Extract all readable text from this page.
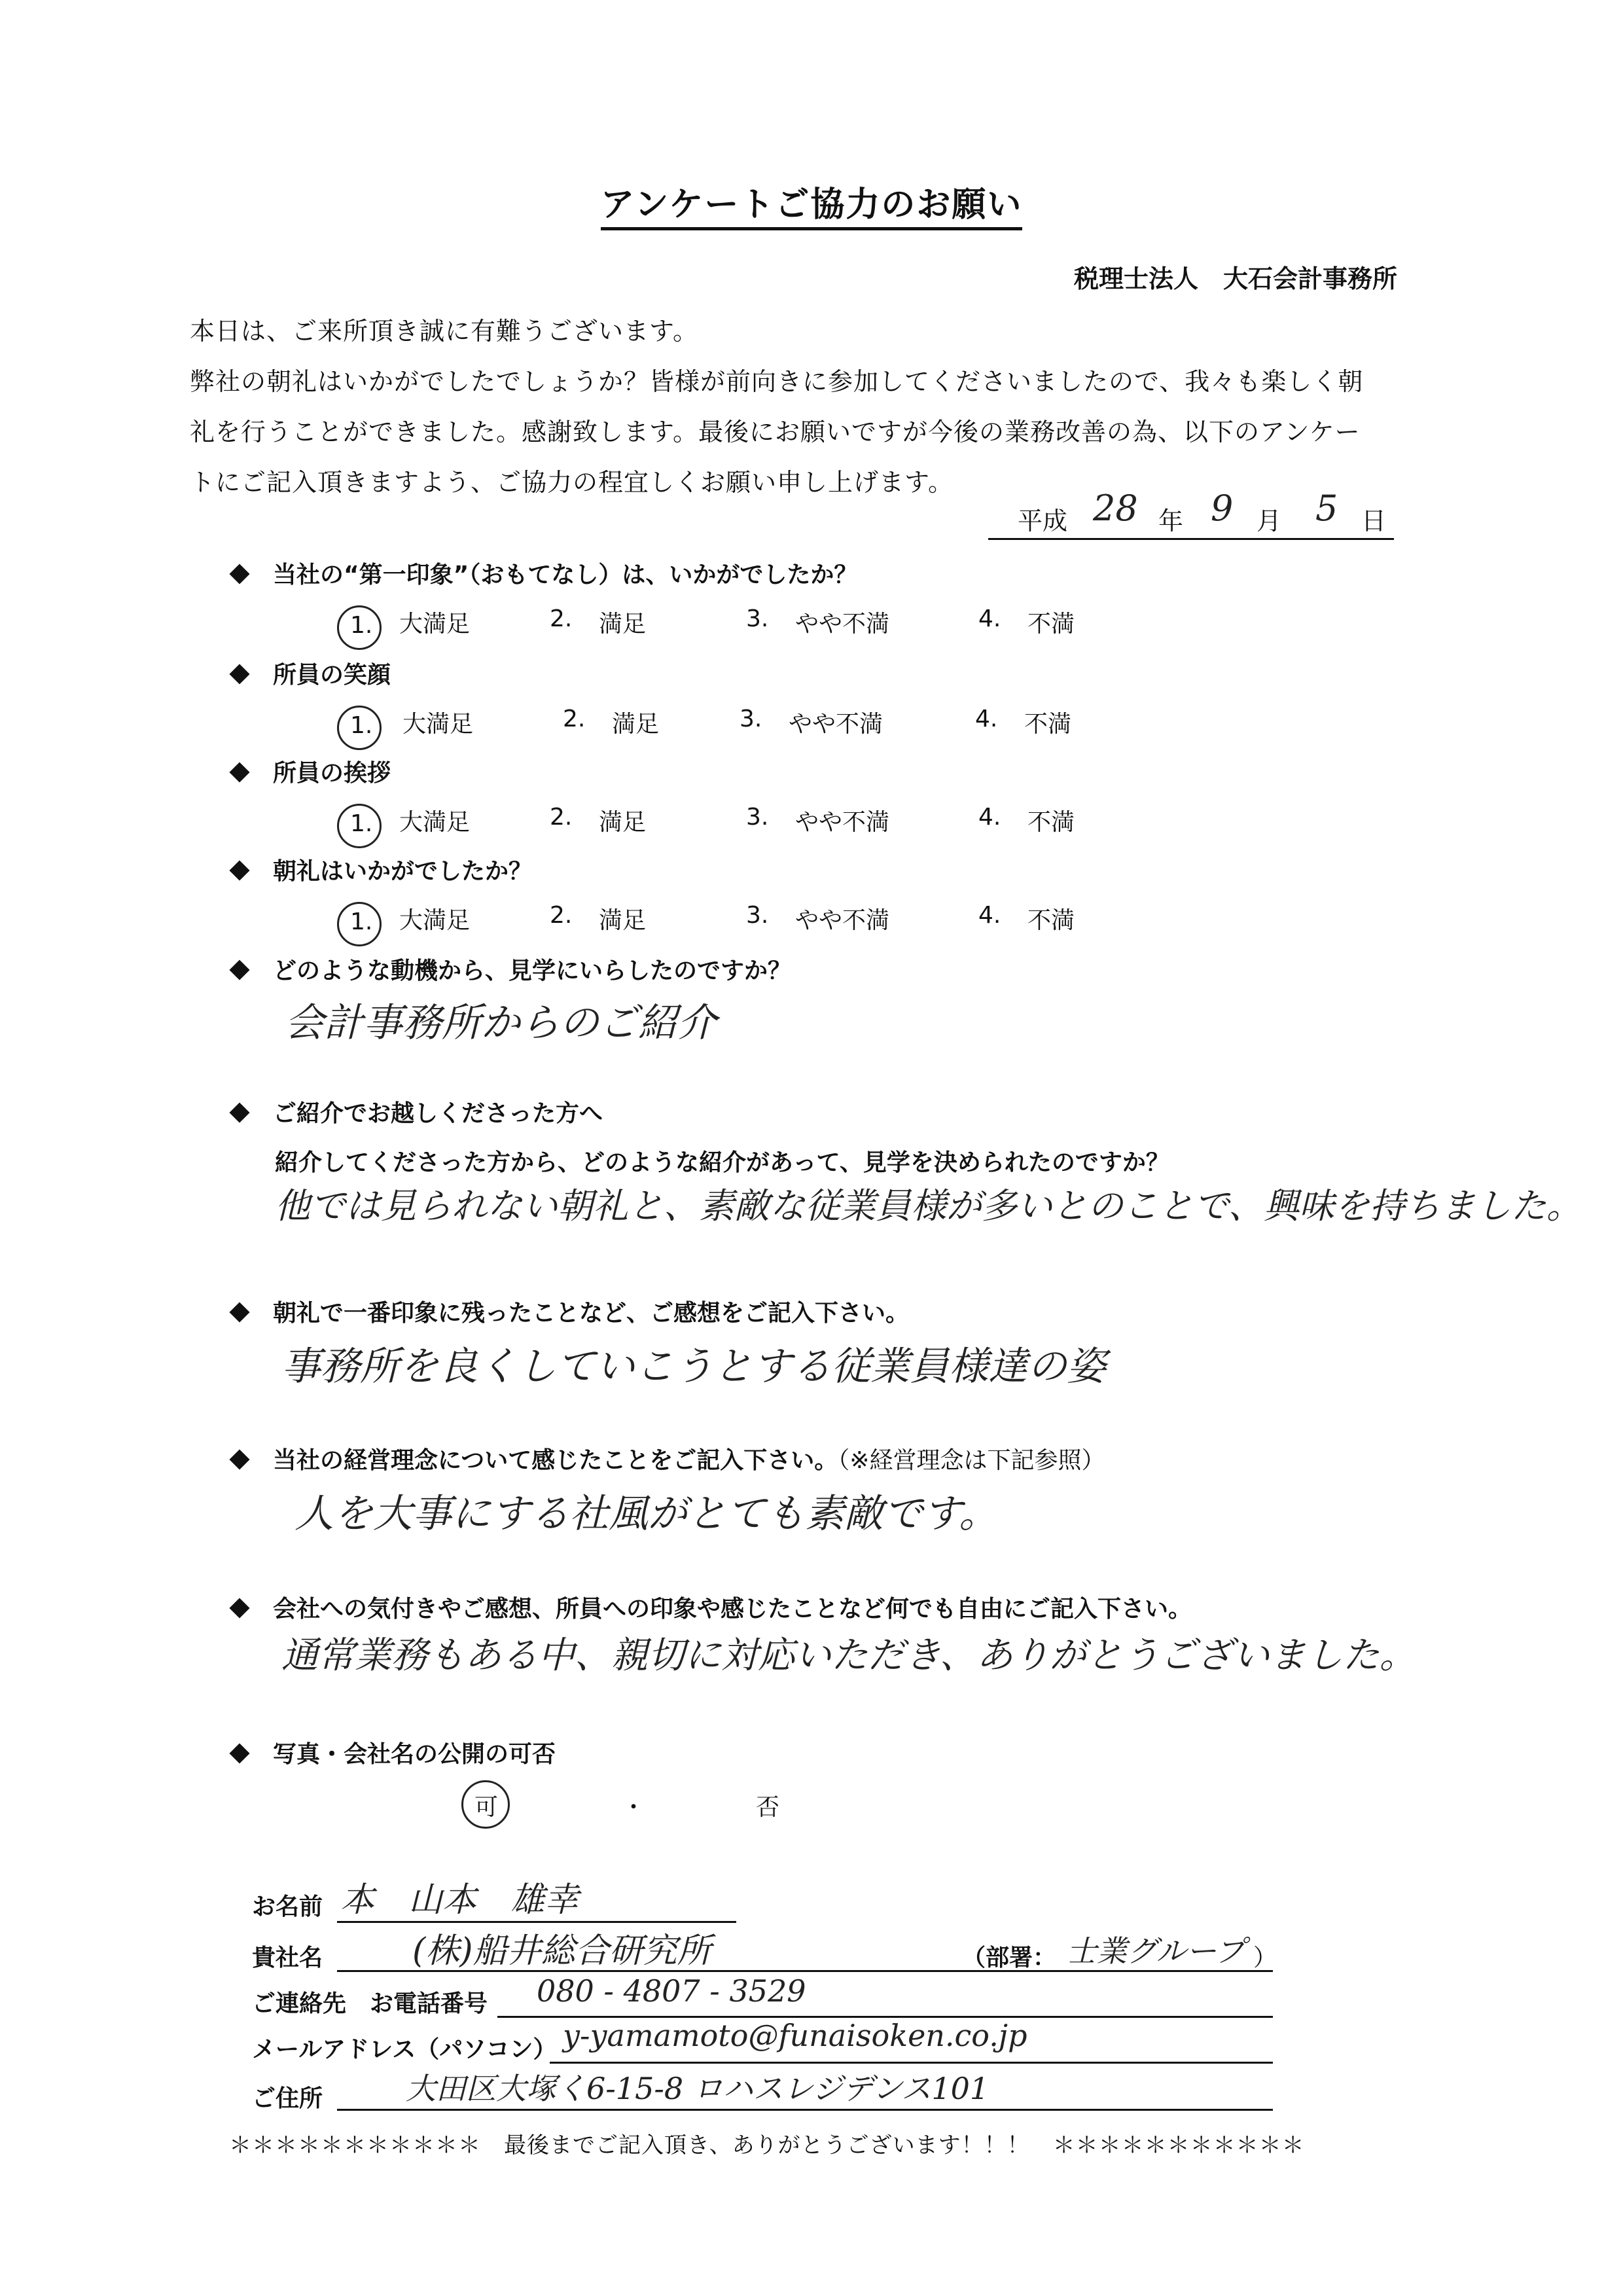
アンケートご協力のお願い
税理士法人　大石会計事務所
本日は、ご来所頂き誠に有難うございます。
弊社の朝礼はいかがでしたでしょうか？皆様が前向きに参加してくださいましたので、我々も楽しく朝
礼を行うことができました。感謝致します。最後にお願いですが今後の業務改善の為、以下のアンケー
トにご記入頂きますよう、ご協力の程宜しくお願い申し上げます。
平成 28 年 9 月 5 日
当社の“第一印象”（おもてなし）は、いかがでしたか？
1. 大満足	2. 満足	3. やや不満	4. 不満
所員の笑顔
1. 大満足	2. 満足	3. やや不満	4. 不満
所員の挨拶
1. 大満足	2. 満足	3. やや不満	4. 不満
朝礼はいかがでしたか？
1. 大満足	2. 満足	3. やや不満	4. 不満
どのような動機から、見学にいらしたのですか？
会計事務所からのご紹介
ご紹介でお越しくださった方へ
紹介してくださった方から、どのような紹介があって、見学を決められたのですか？
他では見られない朝礼と、素敵な従業員様が多いとのことで、興味を持ちました。
朝礼で一番印象に残ったことなど、ご感想をご記入下さい。
事務所を良くしていこうとする従業員様達の姿
当社の経営理念について感じたことをご記入下さい。（※経営理念は下記参照）
人を大事にする社風がとても素敵です。
会社への気付きやご感想、所員への印象や感じたことなど何でも自由にご記入下さい。
通常業務もある中、親切に対応いただき、ありがとうございました。
写真・会社名の公開の可否
可	・	否
お名前 本　山本　雄幸
貴社名	(株)船井総合研究所	（部署： 士業グループ ）
ご連絡先　お電話番号 080 - 4807 - 3529
メールアドレス（パソコン） y-yamamoto@funaisoken.co.jp
ご住所	大田区大塚く6-15-8 ロハスレジデンス101
＊＊＊＊＊＊＊＊＊＊＊　最後までご記入頂き、ありがとうございます！！！　＊＊＊＊＊＊＊＊＊＊＊
